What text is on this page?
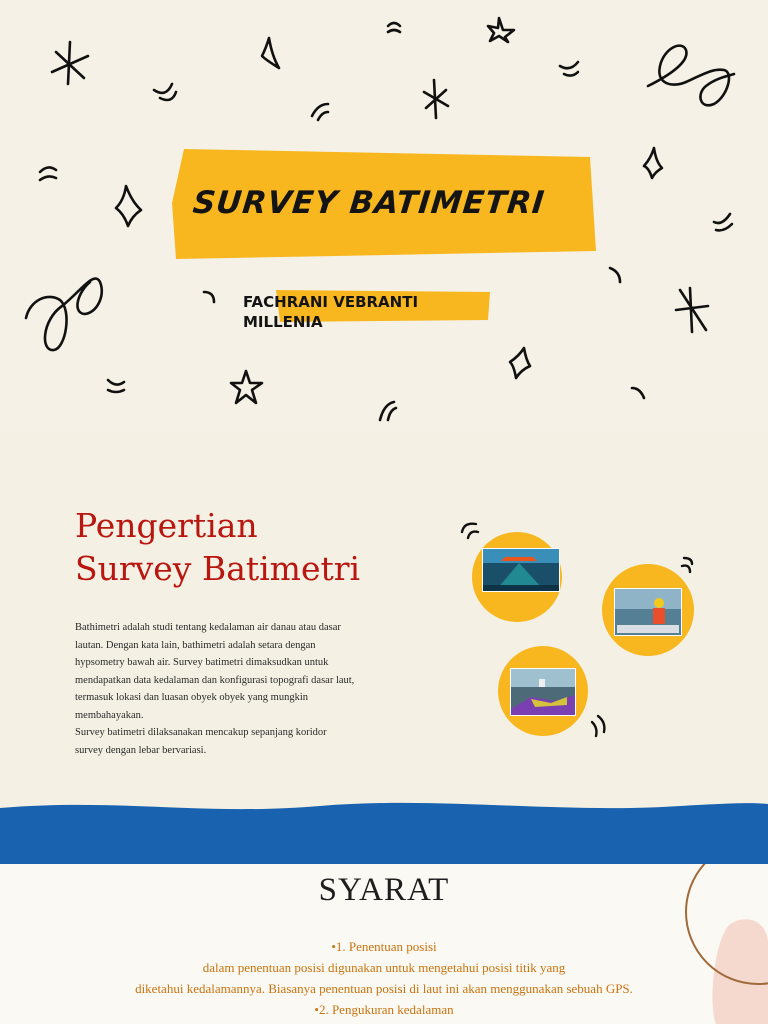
SURVEY BATIMETRI

FACHRANI VEBRANTI MILLENIA

Pengertian
Survey Batimetri

Bathimetri adalah studi tentang kedalaman air danau atau dasar
lautan. Dengan kata lain, bathimetri adalah setara dengan
hypsometry bawah air. Survey batimetri dimaksudkan untuk
mendapatkan data kedalaman dan konfigurasi topografi dasar laut,
termasuk lokasi dan luasan obyek obyek yang mungkin
membahayakan.
Survey batimetri dilaksanakan mencakup sepanjang koridor
survey dengan lebar bervariasi.

SYARAT

•1. Penentuan posisi

dalam penentuan posisi digunakan untuk mengetahui posisi titik yang

diketahui kedalamannya. Biasanya penentuan posisi di laut ini akan menggunakan sebuah GPS.

•2. Pengukuran kedalaman
